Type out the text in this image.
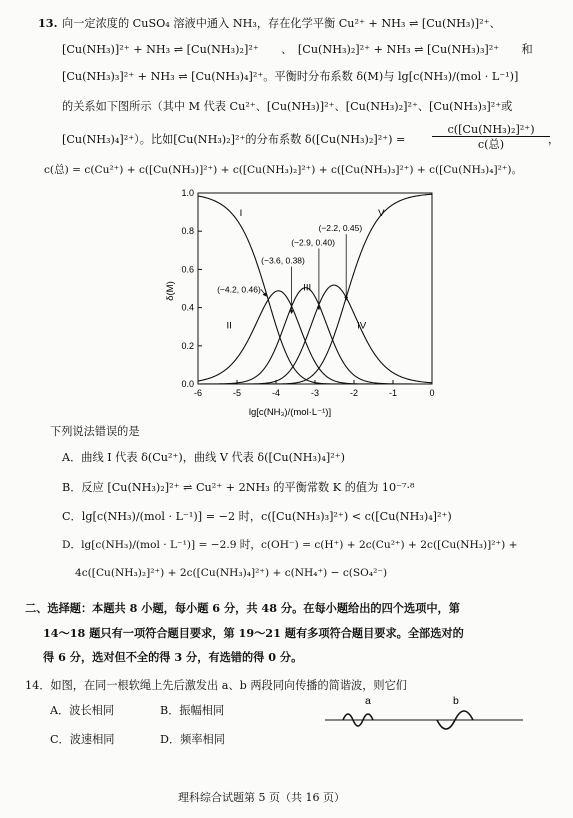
13. 向一定浓度的 CuSO₄ 溶液中通入 NH₃，存在化学平衡 Cu²⁺ + NH₃ ⇌ [Cu(NH₃)]²⁺、
[Cu(NH₃)]²⁺ + NH₃ ⇌ [Cu(NH₃)₂]²⁺　　、　[Cu(NH₃)₂]²⁺ + NH₃ ⇌ [Cu(NH₃)₃]²⁺　　和
[Cu(NH₃)₃]²⁺ + NH₃ ⇌ [Cu(NH₃)₄]²⁺。平衡时分布系数 δ(M)与 lg[c(NH₃)/(mol · L⁻¹)]
的关系如下图所示（其中 M 代表 Cu²⁺、[Cu(NH₃)]²⁺、[Cu(NH₃)₂]²⁺、[Cu(NH₃)₃]²⁺或
[Cu(NH₃)₄]²⁺）。比如[Cu(NH₃)₂]²⁺的分布系数 δ([Cu(NH₃)₂]²⁺) =
c([Cu(NH₃)₂]²⁺)
c(总)	，
c(总) = c(Cu²⁺) + c([Cu(NH₃)]²⁺) + c([Cu(NH₃)₂]²⁺) + c([Cu(NH₃)₃]²⁺) + c([Cu(NH₃)₄]²⁺)。
-6	-5	-4	-3	-2	-1	0
0.0
0.2
0.4
0.6
0.8
1.0
I
II
III
IV
V
(−4.2, 0.46)
(−3.6, 0.38)
(−2.9, 0.40)
(−2.2, 0.45)
δ(M)
lg[c(NH₃)/(mol·L⁻¹)]
下列说法错误的是
A．曲线 I 代表 δ(Cu²⁺)，曲线 V 代表 δ([Cu(NH₃)₄]²⁺)
B．反应 [Cu(NH₃)₂]²⁺ ⇌ Cu²⁺ + 2NH₃ 的平衡常数 K 的值为 10⁻⁷·⁸
C．lg[c(NH₃)/(mol · L⁻¹)] = −2 时，c([Cu(NH₃)₃]²⁺) < c([Cu(NH₃)₄]²⁺)
D．lg[c(NH₃)/(mol · L⁻¹)] = −2.9 时，c(OH⁻) = c(H⁺) + 2c(Cu²⁺) + 2c([Cu(NH₃)]²⁺) +
4c([Cu(NH₃)₂]²⁺) + 2c([Cu(NH₃)₄]²⁺) + c(NH₄⁺) − c(SO₄²⁻)
二、选择题：本题共 8 小题，每小题 6 分，共 48 分。在每小题给出的四个选项中，第
14～18 题只有一项符合题目要求，第 19～21 题有多项符合题目要求。全部选对的
得 6 分，选对但不全的得 3 分，有选错的得 0 分。
14．如图，在同一根软绳上先后激发出 a、b 两段同向传播的简谐波，则它们
A．波长相同	B．振幅相同
C．波速相同	D．频率相同
a	b
理科综合试题第 5 页（共 16 页）
